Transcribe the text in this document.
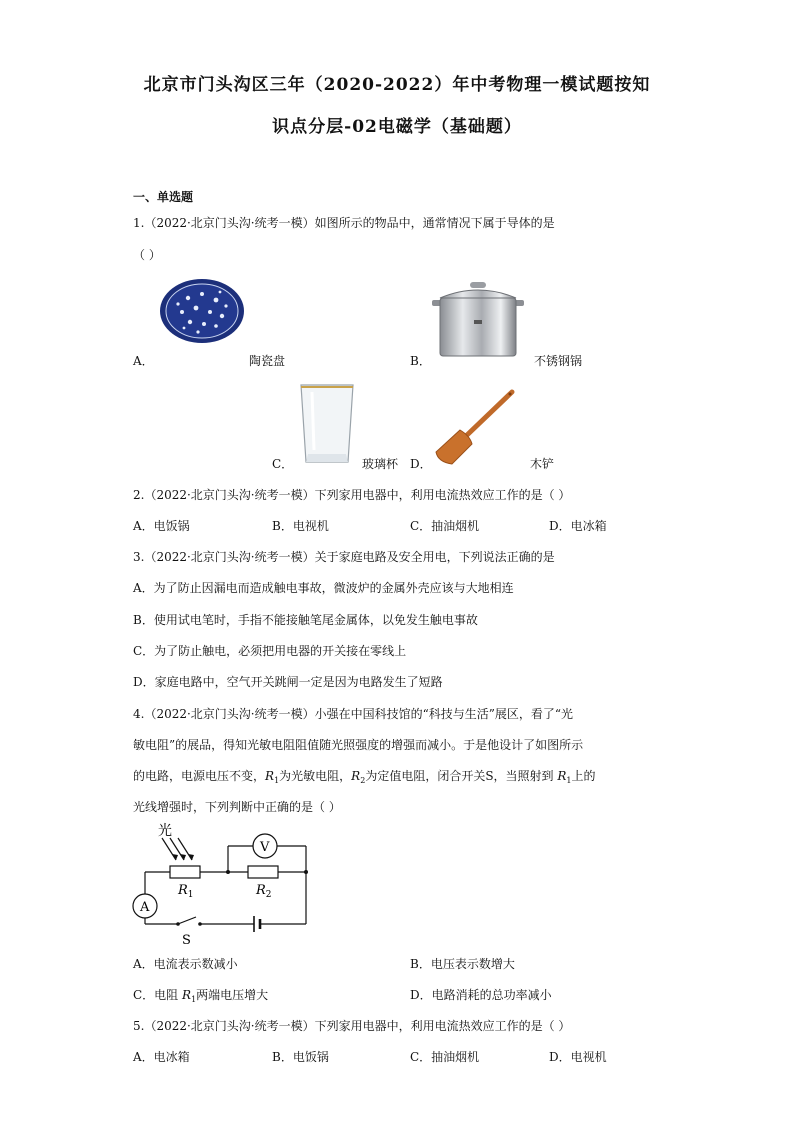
北京市门头沟区三年（2020-2022）年中考物理一模试题按知
识点分层-02电磁学（基础题）
一、单选题
1.（2022·北京门头沟·统考一模）如图所示的物品中，通常情况下属于导体的是
（ ）
A．	陶瓷盘	B．	不锈钢锅
C．	玻璃杯 D．	木铲
2.（2022·北京门头沟·统考一模）下列家用电器中，利用电流热效应工作的是（ ）
A．电饭锅	B．电视机	C．抽油烟机	D．电冰箱
3.（2022·北京门头沟·统考一模）关于家庭电路及安全用电，下列说法正确的是
A．为了防止因漏电而造成触电事故，微波炉的金属外壳应该与大地相连
B．使用试电笔时，手指不能接触笔尾金属体，以免发生触电事故
C．为了防止触电，必须把用电器的开关接在零线上
D．家庭电路中，空气开关跳闸一定是因为电路发生了短路
4.（2022·北京门头沟·统考一模）小强在中国科技馆的“科技与生活”展区，看了“光
敏电阻”的展品，得知光敏电阻阻值随光照强度的增强而减小。于是他设计了如图所示
的电路，电源电压不变，$R_1$为光敏电阻，$R_2$为定值电阻，闭合开关S，当照射到 $R_1$上的
光线增强时，下列判断中正确的是（ ）
光
V
A
$R_1$	$R_2$
S
A．电流表示数减小	B．电压表示数增大
C．电阻 $R_1$两端电压增大	D．电路消耗的总功率减小
5.（2022·北京门头沟·统考一模）下列家用电器中，利用电流热效应工作的是（ ）
A．电冰箱	B．电饭锅	C．抽油烟机	D．电视机
